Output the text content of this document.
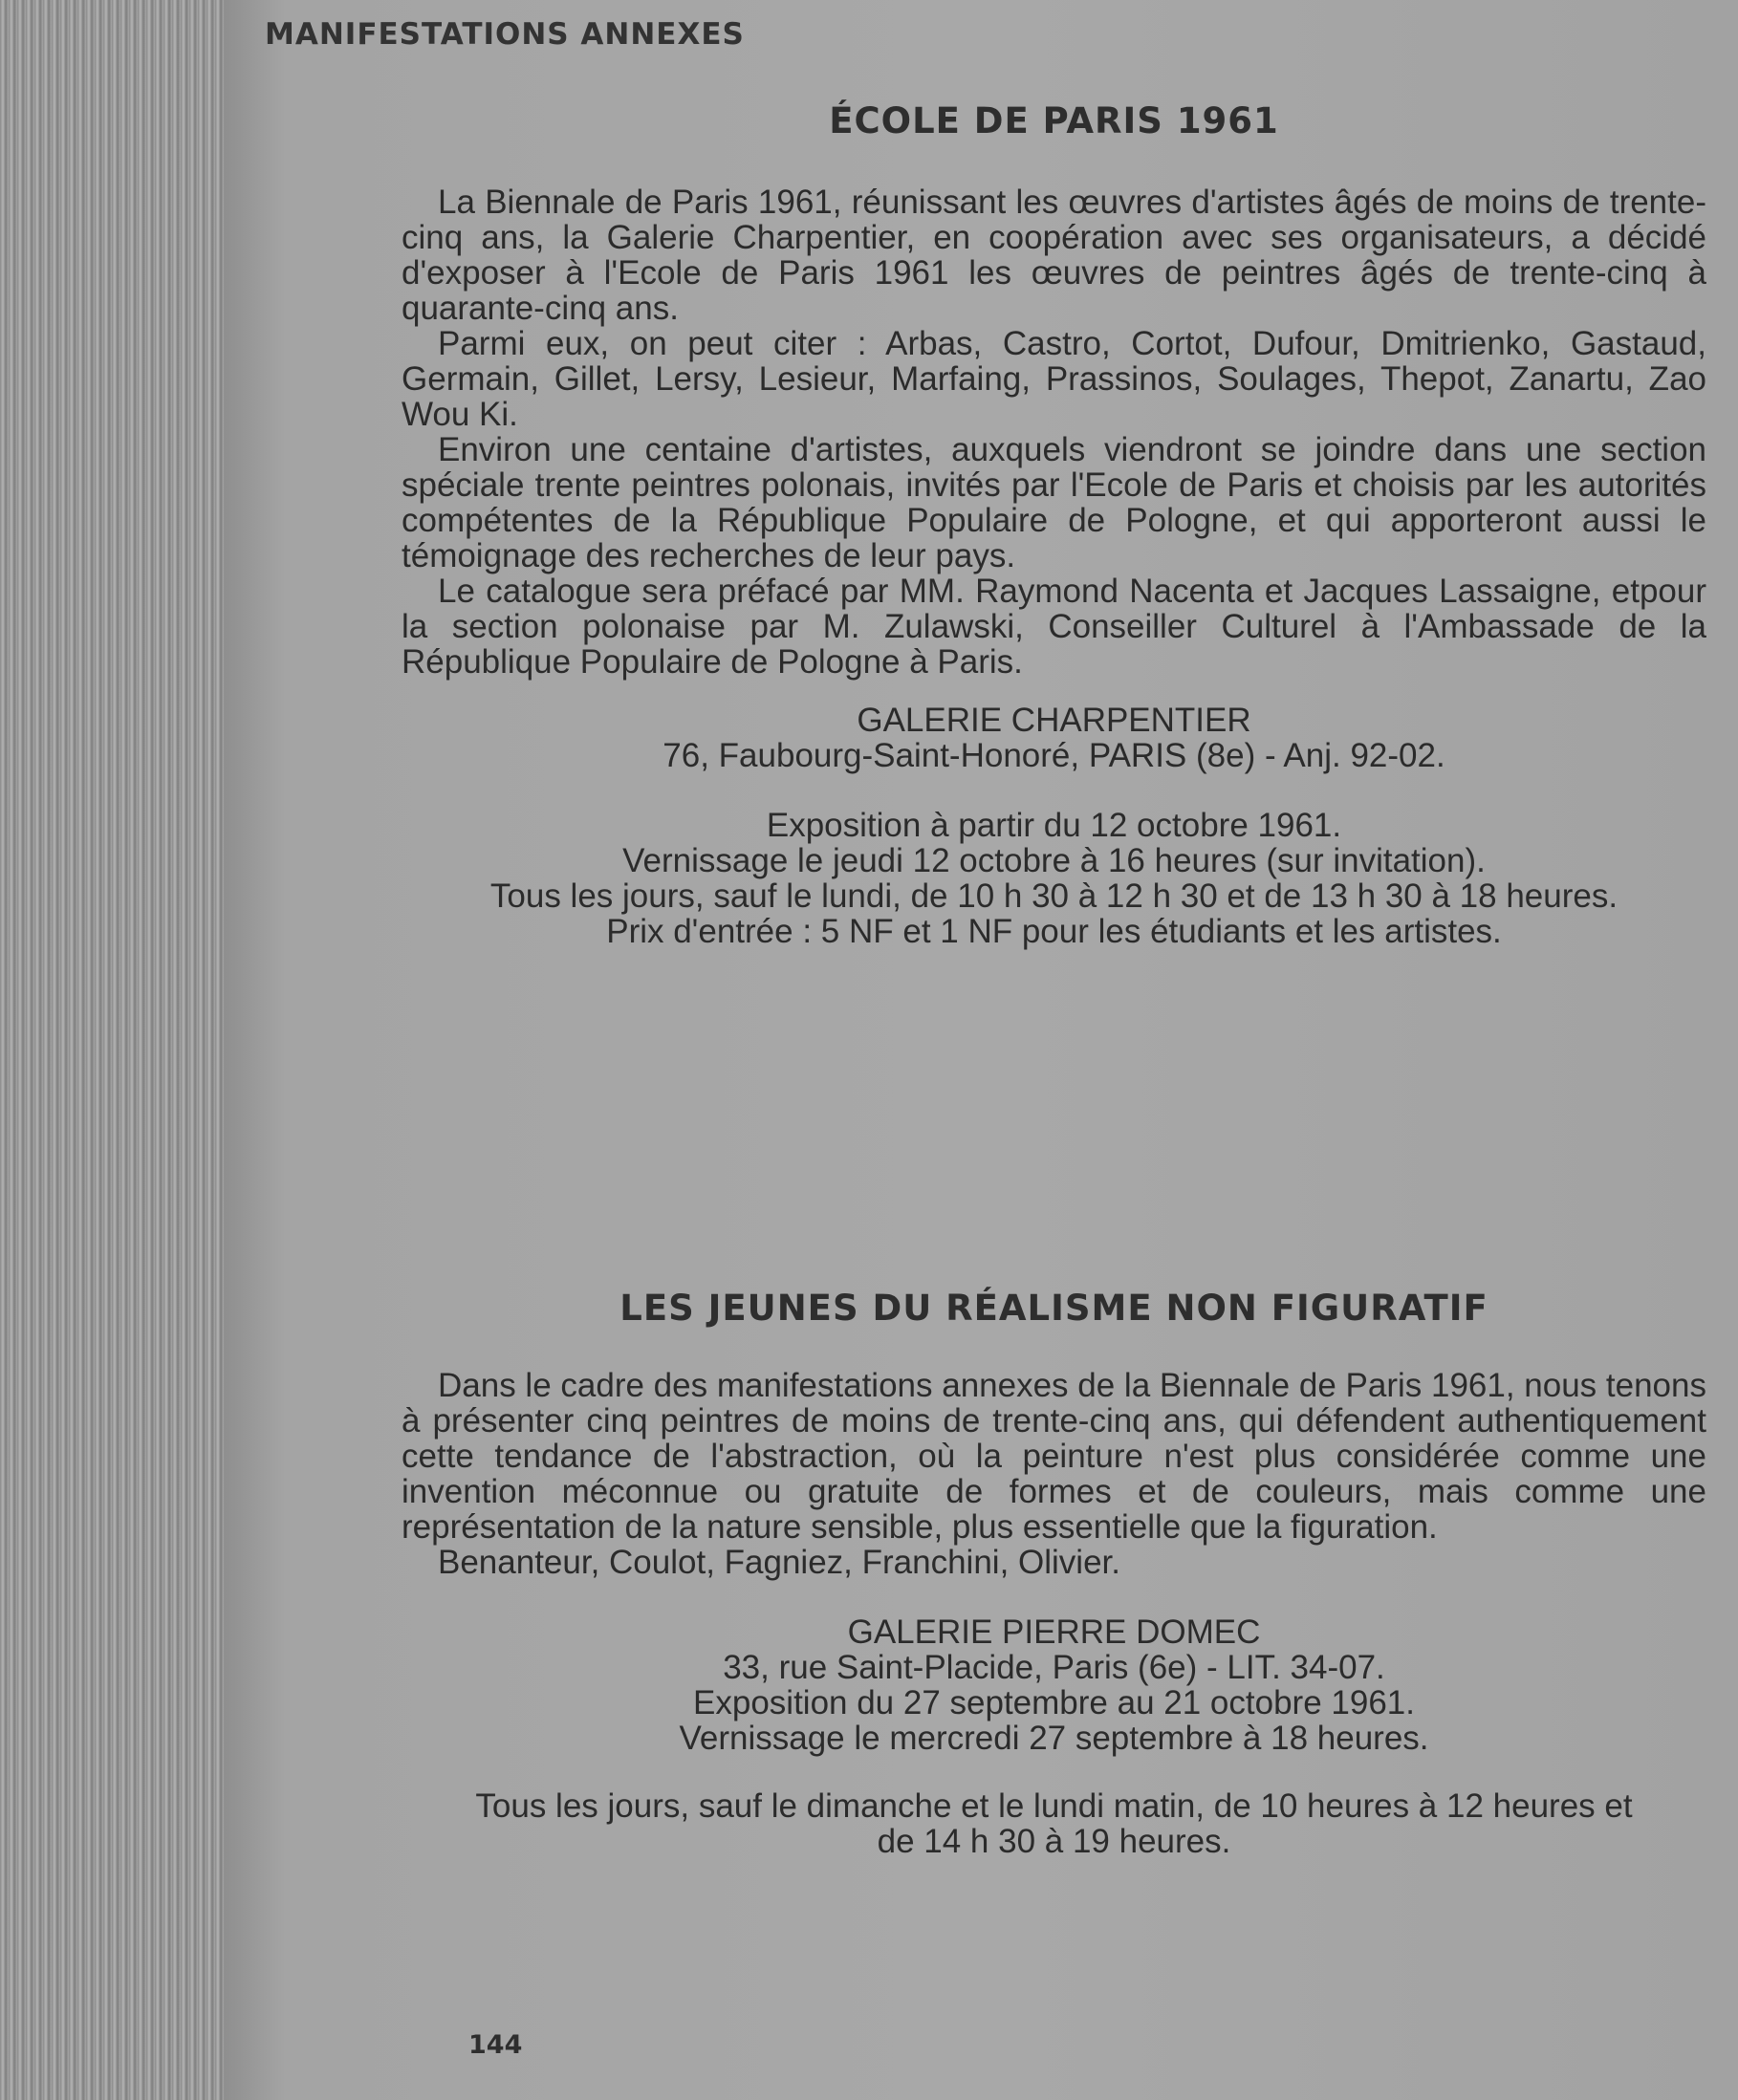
MANIFESTATIONS ANNEXES
ÉCOLE DE PARIS 1961

La Biennale de Paris 1961, réunissant les œuvres d'artistes âgés de moins de trente-cinq ans, la Galerie Charpentier, en coopération avec ses organisateurs, a décidé d'exposer à l'Ecole de Paris 1961 les œuvres de peintres âgés de trente-cinq à quarante-cinq ans.

Parmi eux, on peut citer : Arbas, Castro, Cortot, Dufour, Dmitrienko, Gastaud, Germain, Gillet, Lersy, Lesieur, Marfaing, Prassinos, Soulages, Thepot, Zanartu, Zao Wou Ki.

Environ une centaine d'artistes, auxquels viendront se joindre dans une section spéciale trente peintres polonais, invités par l'Ecole de Paris et choisis par les autorités compétentes de la République Populaire de Pologne, et qui apporteront aussi le témoignage des recherches de leur pays.

Le catalogue sera préfacé par MM. Raymond Nacenta et Jacques Lassaigne, etpour la section polonaise par M. Zulawski, Conseiller Culturel à l'Ambassade de la République Populaire de Pologne à Paris.

GALERIE CHARPENTIER
76, Faubourg-Saint-Honoré, PARIS (8e) - Anj. 92-02.
Exposition à partir du 12 octobre 1961.
Vernissage le jeudi 12 octobre à 16 heures (sur invitation).
Tous les jours, sauf le lundi, de 10 h 30 à 12 h 30 et de 13 h 30 à 18 heures.
Prix d'entrée : 5 NF et 1 NF pour les étudiants et les artistes.
LES JEUNES DU RÉALISME NON FIGURATIF

Dans le cadre des manifestations annexes de la Biennale de Paris 1961, nous tenons à présenter cinq peintres de moins de trente-cinq ans, qui défendent authentiquement cette tendance de l'abstraction, où la peinture n'est plus considérée comme une invention méconnue ou gratuite de formes et de couleurs, mais comme une représentation de la nature sensible, plus essentielle que la figuration.

Benanteur, Coulot, Fagniez, Franchini, Olivier.

GALERIE PIERRE DOMEC
33, rue Saint-Placide, Paris (6e) - LIT. 34-07.
Exposition du 27 septembre au 21 octobre 1961.
Vernissage le mercredi 27 septembre à 18 heures.
Tous les jours, sauf le dimanche et le lundi matin, de 10 heures à 12 heures et
de 14 h 30 à 19 heures.
144
